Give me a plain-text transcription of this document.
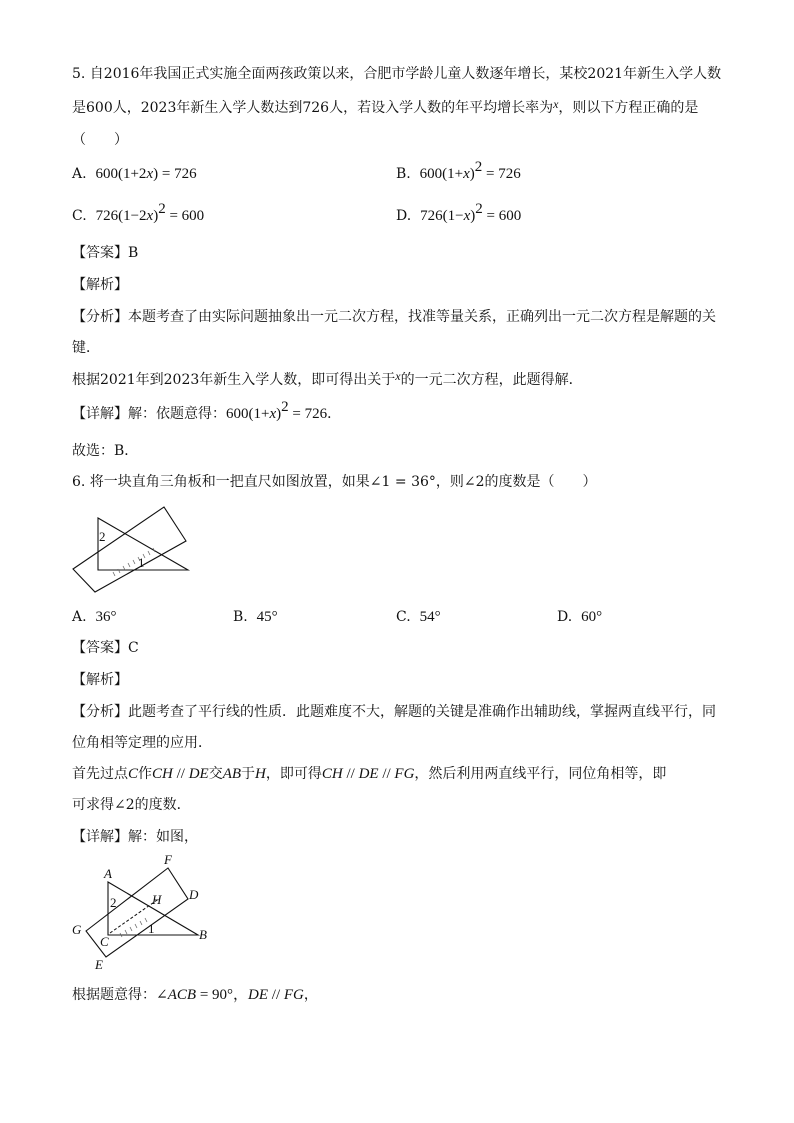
5. 自2016年我国正式实施全面两孩政策以来，合肥市学龄儿童人数逐年增长，某校2021年新生入学人数
是600人，2023年新生入学人数达到726人，若设入学人数的年平均增长率为x，则以下方程正确的是
（　　）
A. 600(1+2x) = 726	B. $600(1+x)^2 = 726$
C. $726(1-2x)^2 = 600$	D. $726(1-x)^2 = 600$
【答案】B
【解析】
【分析】本题考查了由实际问题抽象出一元二次方程，找准等量关系，正确列出一元二次方程是解题的关
键．
根据2021年到2023年新生入学人数，即可得出关于x的一元二次方程，此题得解．
【详解】解：依题意得：$600(1+x)^2 = 726$．
故选：B．
6. 将一块直角三角板和一把直尺如图放置，如果∠1 = 36°，则∠2的度数是（　　）
2
1
A. 36°	B. 45°	C. 54°	D. 60°
【答案】C
【解析】
【分析】此题考查了平行线的性质．此题难度不大，解题的关键是准确作出辅助线，掌握两直线平行，同
位角相等定理的应用．
首先过点C作CH // DE交AB于H，即可得CH // DE // FG，然后利用两直线平行，同位角相等，即
可求得∠2的度数．
【详解】解：如图，
A
F
D
H
G	B
C
E
2
1
根据题意得：∠ACB = 90°，DE // FG，
